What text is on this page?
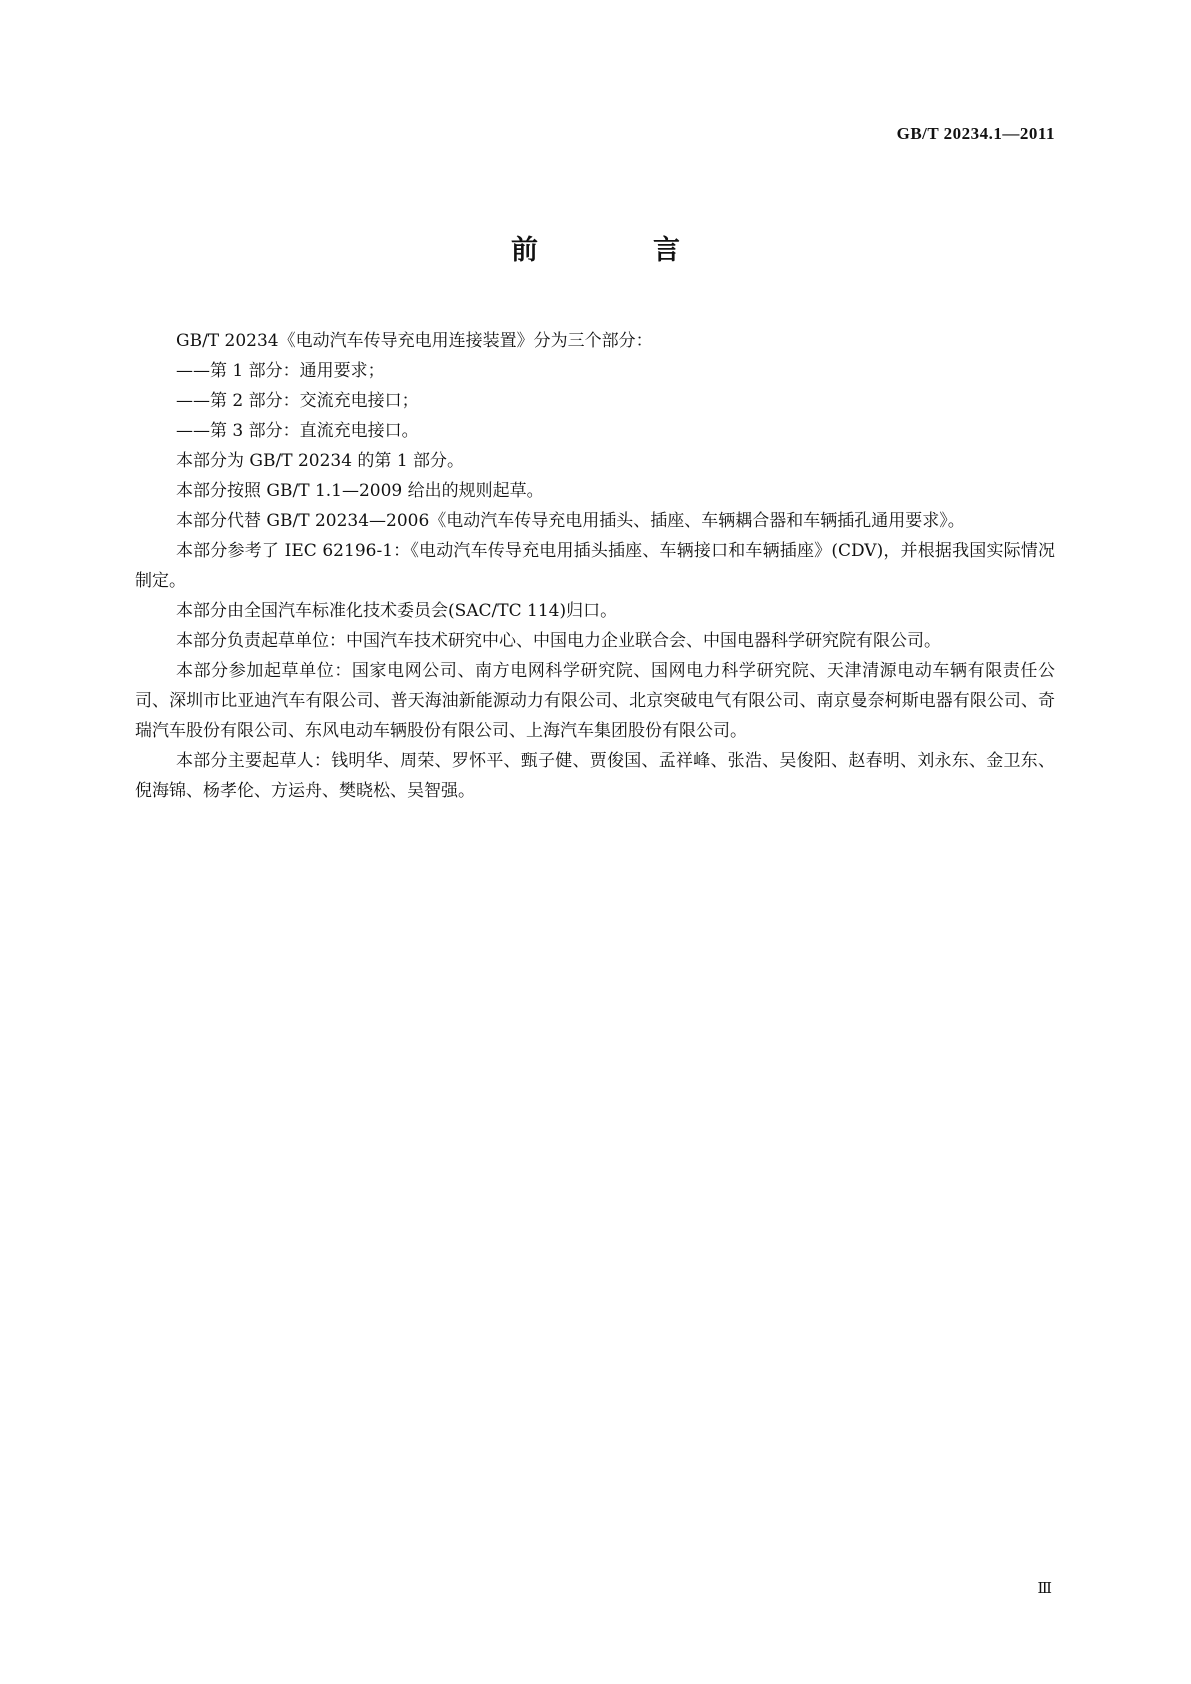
GB/T 20234.1—2011
前　言

GB/T 20234《电动汽车传导充电用连接装置》分为三个部分：

——第 1 部分：通用要求；

——第 2 部分：交流充电接口；

——第 3 部分：直流充电接口。

本部分为 GB/T 20234 的第 1 部分。

本部分按照 GB/T 1.1—2009 给出的规则起草。

本部分代替 GB/T 20234—2006《电动汽车传导充电用插头、插座、车辆耦合器和车辆插孔通用要求》。

本部分参考了 IEC 62196-1：《电动汽车传导充电用插头插座、车辆接口和车辆插座》(CDV)，并根据我国实际情况制定。

本部分由全国汽车标准化技术委员会(SAC/TC 114)归口。

本部分负责起草单位：中国汽车技术研究中心、中国电力企业联合会、中国电器科学研究院有限公司。

本部分参加起草单位：国家电网公司、南方电网科学研究院、国网电力科学研究院、天津清源电动车辆有限责任公司、深圳市比亚迪汽车有限公司、普天海油新能源动力有限公司、北京突破电气有限公司、南京曼奈柯斯电器有限公司、奇瑞汽车股份有限公司、东风电动车辆股份有限公司、上海汽车集团股份有限公司。

本部分主要起草人：钱明华、周荣、罗怀平、甄子健、贾俊国、孟祥峰、张浩、吴俊阳、赵春明、刘永东、金卫东、倪海锦、杨孝伦、方运舟、樊晓松、吴智强。

Ⅲ
